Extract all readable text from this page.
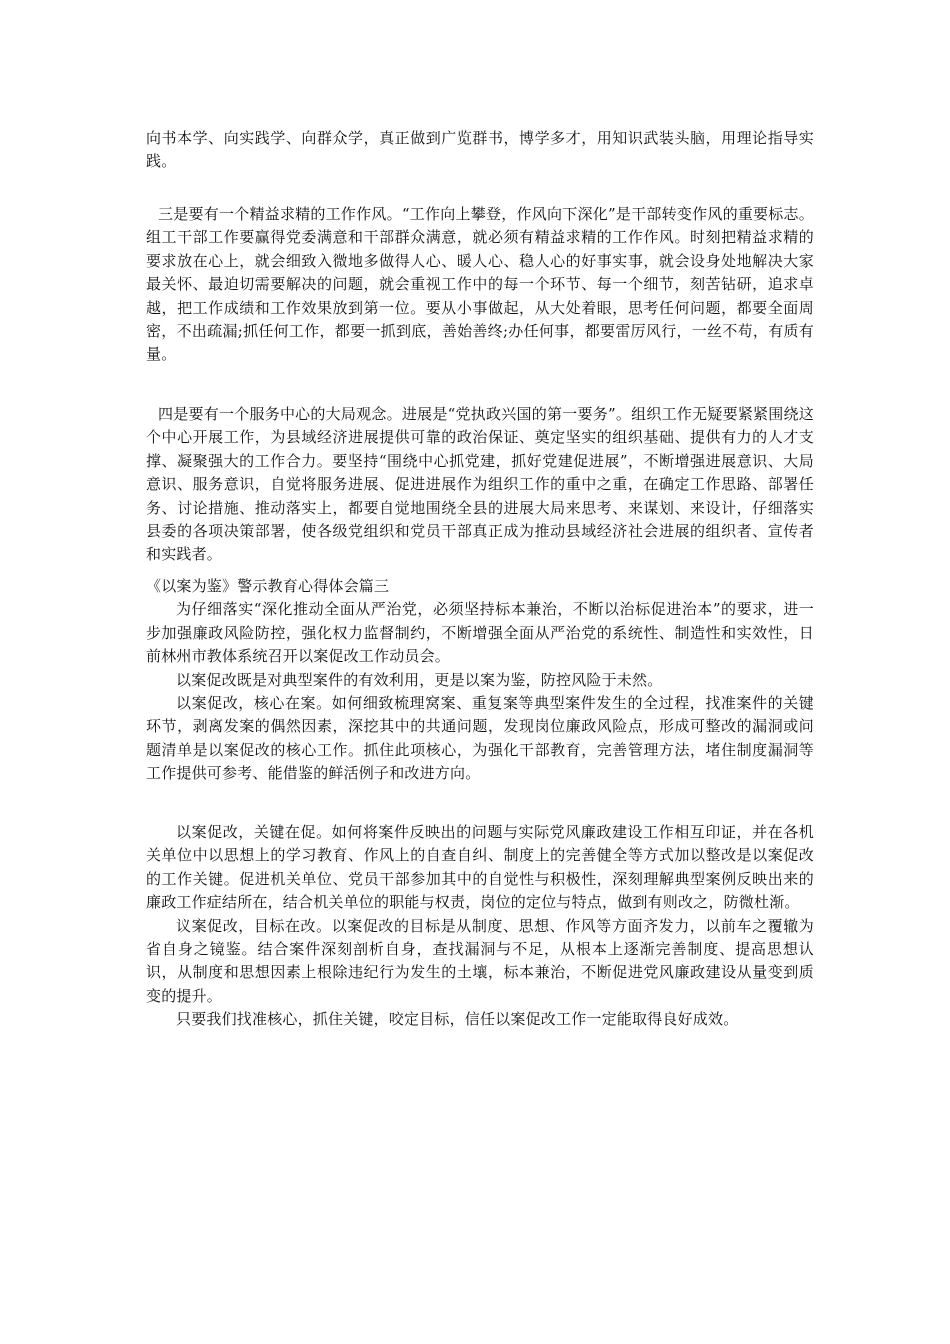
向书本学、向实践学、向群众学，真正做到广览群书，博学多才，用知识武装头脑，用理论指导实践。

三是要有一个精益求精的工作作风。“工作向上攀登，作风向下深化”是干部转变作风的重要标志。组工干部工作要赢得党委满意和干部群众满意，就必须有精益求精的工作作风。时刻把精益求精的要求放在心上，就会细致入微地多做得人心、暖人心、稳人心的好事实事，就会设身处地解决大家最关怀、最迫切需要解决的问题，就会重视工作中的每一个环节、每一个细节，刻苦钻研，追求卓越，把工作成绩和工作效果放到第一位。要从小事做起，从大处着眼，思考任何问题，都要全面周密，不出疏漏;抓任何工作，都要一抓到底，善始善终;办任何事，都要雷厉风行，一丝不苟，有质有量。

四是要有一个服务中心的大局观念。进展是“党执政兴国的第一要务”。组织工作无疑要紧紧围绕这个中心开展工作，为县域经济进展提供可靠的政治保证、奠定坚实的组织基础、提供有力的人才支撑、凝聚强大的工作合力。要坚持“围绕中心抓党建，抓好党建促进展”，不断增强进展意识、大局意识、服务意识，自觉将服务进展、促进进展作为组织工作的重中之重，在确定工作思路、部署任务、讨论措施、推动落实上，都要自觉地围绕全县的进展大局来思考、来谋划、来设计，仔细落实县委的各项决策部署，使各级党组织和党员干部真正成为推动县域经济社会进展的组织者、宣传者和实践者。

《以案为鉴》警示教育心得体会篇三

为仔细落实“深化推动全面从严治党，必须坚持标本兼治，不断以治标促进治本”的要求，进一步加强廉政风险防控，强化权力监督制约，不断增强全面从严治党的系统性、制造性和实效性，日前林州市教体系统召开以案促改工作动员会。

以案促改既是对典型案件的有效利用，更是以案为鉴，防控风险于未然。

以案促改，核心在案。如何细致梳理窝案、重复案等典型案件发生的全过程，找准案件的关键环节，剥离发案的偶然因素，深挖其中的共通问题，发现岗位廉政风险点，形成可整改的漏洞或问题清单是以案促改的核心工作。抓住此项核心，为强化干部教育，完善管理方法，堵住制度漏洞等工作提供可参考、能借鉴的鲜活例子和改进方向。

以案促改，关键在促。如何将案件反映出的问题与实际党风廉政建设工作相互印证，并在各机关单位中以思想上的学习教育、作风上的自查自纠、制度上的完善健全等方式加以整改是以案促改的工作关键。促进机关单位、党员干部参加其中的自觉性与积极性，深刻理解典型案例反映出来的廉政工作症结所在，结合机关单位的职能与权责，岗位的定位与特点，做到有则改之，防微杜渐。

议案促改，目标在改。以案促改的目标是从制度、思想、作风等方面齐发力，以前车之覆辙为省自身之镜鉴。结合案件深刻剖析自身，查找漏洞与不足，从根本上逐渐完善制度、提高思想认识，从制度和思想因素上根除违纪行为发生的土壤，标本兼治，不断促进党风廉政建设从量变到质变的提升。

只要我们找准核心，抓住关键，咬定目标，信任以案促改工作一定能取得良好成效。
